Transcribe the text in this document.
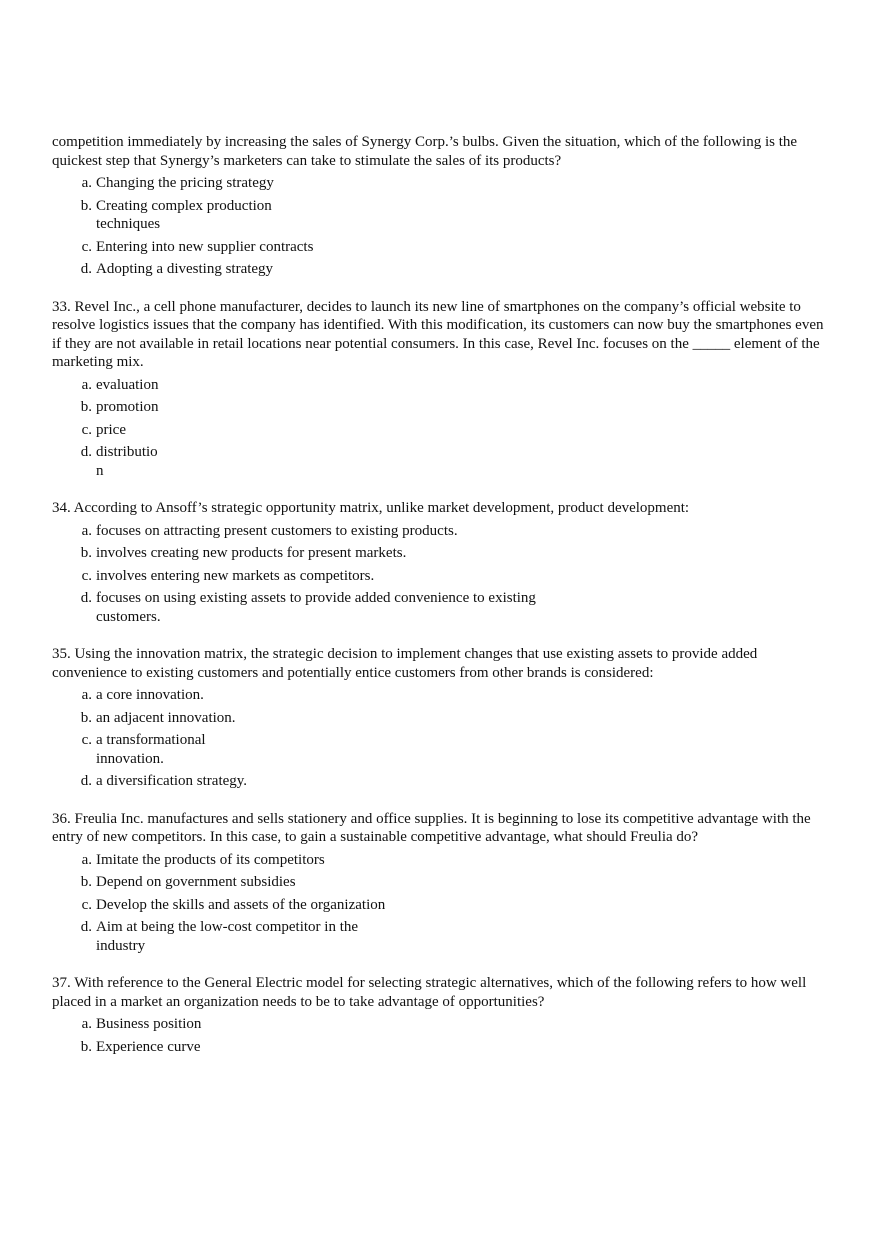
competition immediately by increasing the sales of Synergy Corp.’s bulbs. Given the situation, which of the following is the quickest step that Synergy’s marketers can take to stimulate the sales of its products?

a. Changing the pricing strategy
b. Creating complex production techniques
c. Entering into new supplier contracts
d. Adopting a divesting strategy

33. Revel Inc., a cell phone manufacturer, decides to launch its new line of smartphones on the company’s official website to resolve logistics issues that the company has identified. With this modification, its customers can now buy the smartphones even if they are not available in retail locations near potential consumers. In this case, Revel Inc. focuses on the _____ element of the marketing mix.

a. evaluation
b. promotion
c. price
d. distribution

34. According to Ansoff’s strategic opportunity matrix, unlike market development, product development:

a. focuses on attracting present customers to existing products.
b. involves creating new products for present markets.
c. involves entering new markets as competitors.
d. focuses on using existing assets to provide added convenience to existing customers.

35. Using the innovation matrix, the strategic decision to implement changes that use existing assets to provide added convenience to existing customers and potentially entice customers from other brands is considered:

a. a core innovation.
b. an adjacent innovation.
c. a transformational innovation.
d. a diversification strategy.

36. Freulia Inc. manufactures and sells stationery and office supplies. It is beginning to lose its competitive advantage with the entry of new competitors. In this case, to gain a sustainable competitive advantage, what should Freulia do?

a. Imitate the products of its competitors
b. Depend on government subsidies
c. Develop the skills and assets of the organization
d. Aim at being the low-cost competitor in the industry

37. With reference to the General Electric model for selecting strategic alternatives, which of the following refers to how well placed in a market an organization needs to be to take advantage of opportunities?

a. Business position
b. Experience curve
